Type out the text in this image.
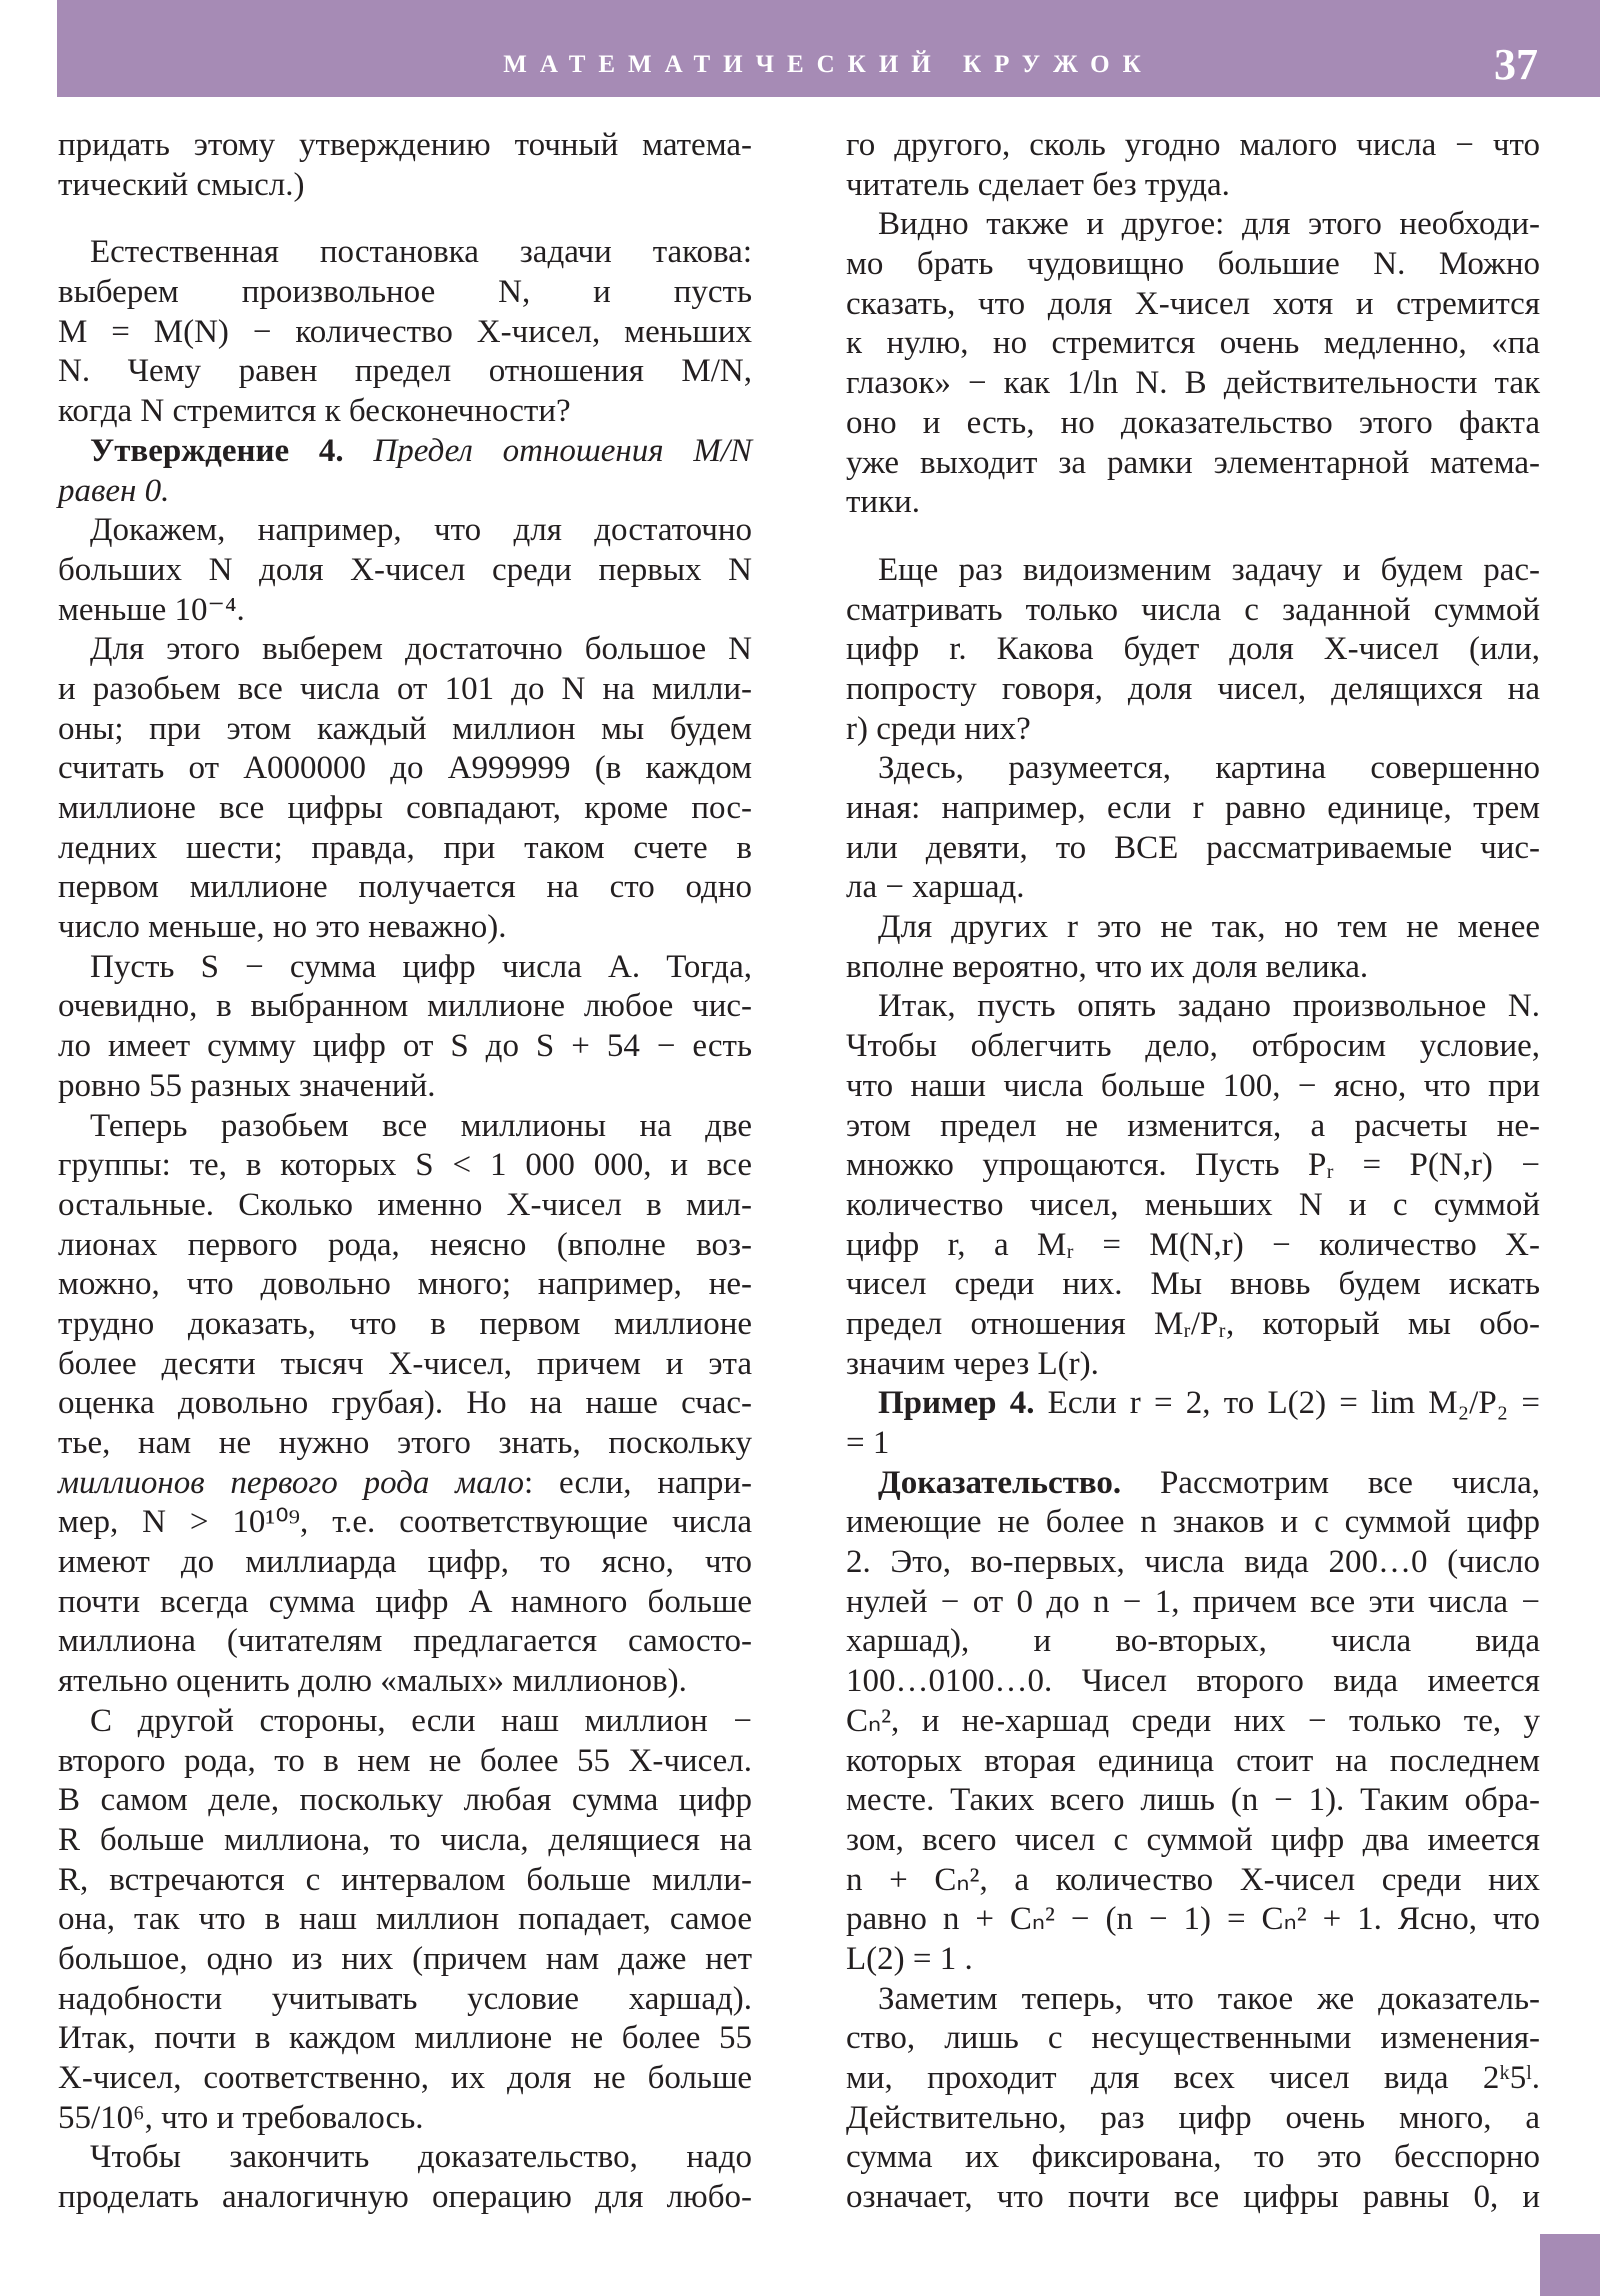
МАТЕМАТИЧЕСКИЙ КРУЖОК	37
придать этому утверждению точный матема-
тический смысл.)
Естественная постановка задачи такова:
выберем произвольное N, и пусть
M = M(N) − количество X-чисел, меньших
N. Чему равен предел отношения M/N,
когда N стремится к бесконечности?
Утверждение 4. Предел отношения M/N
равен 0.
Докажем, например, что для достаточно
больших N доля X-чисел среди первых N
меньше 10⁻⁴.
Для этого выберем достаточно большое N
и разобьем все числа от 101 до N на милли-
оны; при этом каждый миллион мы будем
считать от A000000 до A999999 (в каждом
миллионе все цифры совпадают, кроме пос-
ледних шести; правда, при таком счете в
первом миллионе получается на сто одно
число меньше, но это неважно).
Пусть S − сумма цифр числа A. Тогда,
очевидно, в выбранном миллионе любое чис-
ло имеет сумму цифр от S до S + 54 − есть
ровно 55 разных значений.
Теперь разобьем все миллионы на две
группы: те, в которых S < 1 000 000, и все
остальные. Сколько именно X-чисел в мил-
лионах первого рода, неясно (вполне воз-
можно, что довольно много; например, не-
трудно доказать, что в первом миллионе
более десяти тысяч X-чисел, причем и эта
оценка довольно грубая). Но на наше счас-
тье, нам не нужно этого знать, поскольку
миллионов первого рода мало: если, напри-
мер, N > 10¹⁰⁹, т.е. соответствующие числа
имеют до миллиарда цифр, то ясно, что
почти всегда сумма цифр A намного больше
миллиона (читателям предлагается самосто-
ятельно оценить долю «малых» миллионов).
С другой стороны, если наш миллион −
второго рода, то в нем не более 55 X-чисел.
В самом деле, поскольку любая сумма цифр
R больше миллиона, то числа, делящиеся на
R, встречаются с интервалом больше милли-
она, так что в наш миллион попадает, самое
большое, одно из них (причем нам даже нет
надобности учитывать условие харшад).
Итак, почти в каждом миллионе не более 55
X-чисел, соответственно, их доля не больше
55/10⁶, что и требовалось.
Чтобы закончить доказательство, надо
проделать аналогичную операцию для любо-
го другого, сколь угодно малого числа − что
читатель сделает без труда.
Видно также и другое: для этого необходи-
мо брать чудовищно большие N. Можно
сказать, что доля X-чисел хотя и стремится
к нулю, но стремится очень медленно, «па
глазок» − как 1/ln N. В действительности так
оно и есть, но доказательство этого факта
уже выходит за рамки элементарной матема-
тики.
Еще раз видоизменим задачу и будем рас-
сматривать только числа с заданной суммой
цифр r. Какова будет доля X-чисел (или,
попросту говоря, доля чисел, делящихся на
r) среди них?
Здесь, разумеется, картина совершенно
иная: например, если r равно единице, трем
или девяти, то ВСЕ рассматриваемые чис-
ла − харшад.
Для других r это не так, но тем не менее
вполне вероятно, что их доля велика.
Итак, пусть опять задано произвольное N.
Чтобы облегчить дело, отбросим условие,
что наши числа больше 100, − ясно, что при
этом предел не изменится, а расчеты не-
множко упрощаются. Пусть Pᵣ = P(N,r) −
количество чисел, меньших N и с суммой
цифр r, а Mᵣ = M(N,r) − количество X-
чисел среди них. Мы вновь будем искать
предел отношения Mᵣ/Pᵣ, который мы обо-
значим через L(r).
Пример 4. Если r = 2, то L(2) = lim M₂/P₂ =
= 1
Доказательство. Рассмотрим все числа,
имеющие не более n знаков и с суммой цифр
2. Это, во-первых, числа вида 200…0 (число
нулей − от 0 до n − 1, причем все эти числа −
харшад), и во-вторых, числа вида
100…0100…0. Чисел второго вида имеется
Cₙ², и не-харшад среди них − только те, у
которых вторая единица стоит на последнем
месте. Таких всего лишь (n − 1). Таким обра-
зом, всего чисел с суммой цифр два имеется
n + Cₙ², а количество X-чисел среди них
равно n + Cₙ² − (n − 1) = Cₙ² + 1. Ясно, что
L(2) = 1 .
Заметим теперь, что такое же доказатель-
ство, лишь с несущественными изменения-
ми, проходит для всех чисел вида 2ᵏ5ˡ.
Действительно, раз цифр очень много, а
сумма их фиксирована, то это бесспорно
означает, что почти все цифры равны 0, и
